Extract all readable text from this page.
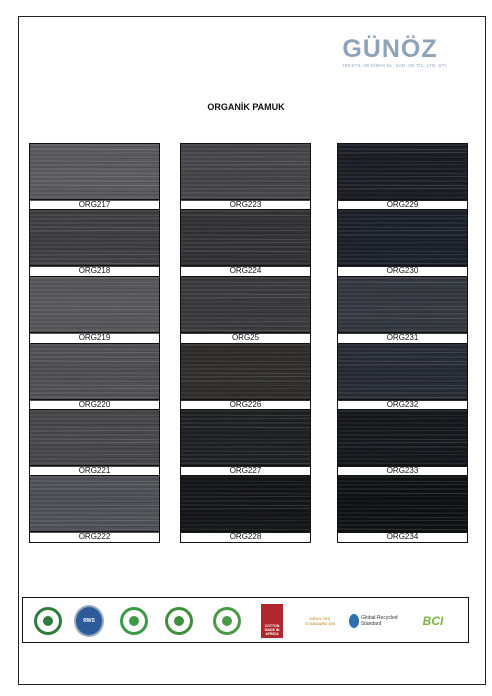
GÜNÖZ
TEKSTİL VE KİMYA SL. SAN. VE TİC. LTD. ŞTİ.
ORGANİK PAMUK
ORG217
ORG218
ORG219
ORG220
ORG221
ORG222
ORG223
ORG224
ORG25
ORG226
ORG227
ORG228
ORG229
ORG230
ORG231
ORG232
ORG233
ORG234
RWS
COTTON MADE IN AFRICA
OEKO-TEX STANDARD 100
Global Recycled Standard	BCI
